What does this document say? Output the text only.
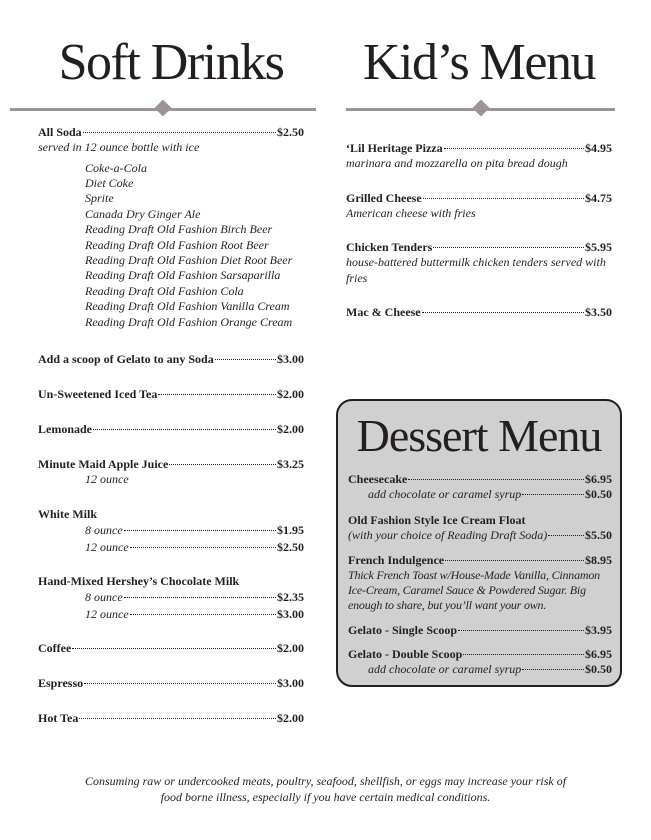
Soft Drinks
All Soda	$2.50
served in 12 ounce bottle with ice
Coke-a-Cola
Diet Coke
Sprite
Canada Dry Ginger Ale
Reading Draft Old Fashion Birch Beer
Reading Draft Old Fashion Root Beer
Reading Draft Old Fashion Diet Root Beer
Reading Draft Old Fashion Sarsaparilla
Reading Draft Old Fashion Cola
Reading Draft Old Fashion Vanilla Cream
Reading Draft Old Fashion Orange Cream
Add a scoop of Gelato to any Soda	$3.00
Un-Sweetened Iced Tea	$2.00
Lemonade	$2.00
Minute Maid Apple Juice	$3.25
12 ounce
White Milk
8 ounce	$1.95
12 ounce	$2.50
Hand-Mixed Hershey’s Chocolate Milk
8 ounce	$2.35
12 ounce	$3.00
Coffee	$2.00
Espresso	$3.00
Hot Tea	$2.00
Kid’s Menu
‘Lil Heritage Pizza	$4.95
marinara and mozzarella on pita bread dough
Grilled Cheese	$4.75
American cheese with fries
Chicken Tenders	$5.95
house-battered buttermilk chicken tenders served with fries
Mac & Cheese	$3.50
Dessert Menu
Cheesecake	$6.95
add chocolate or caramel syrup	$0.50
Old Fashion Style Ice Cream Float
(with your choice of Reading Draft Soda)	$5.50
French Indulgence	$8.95
Thick French Toast w/House-Made Vanilla, Cinnamon Ice-Cream, Caramel Sauce & Powdered Sugar. Big enough to share, but you’ll want your own.
Gelato - Single Scoop	$3.95
Gelato - Double Scoop	$6.95
add chocolate or caramel syrup	$0.50
Consuming raw or undercooked meats, poultry, seafood, shellfish, or eggs may increase your risk of
food borne illness, especially if you have certain medical conditions.
